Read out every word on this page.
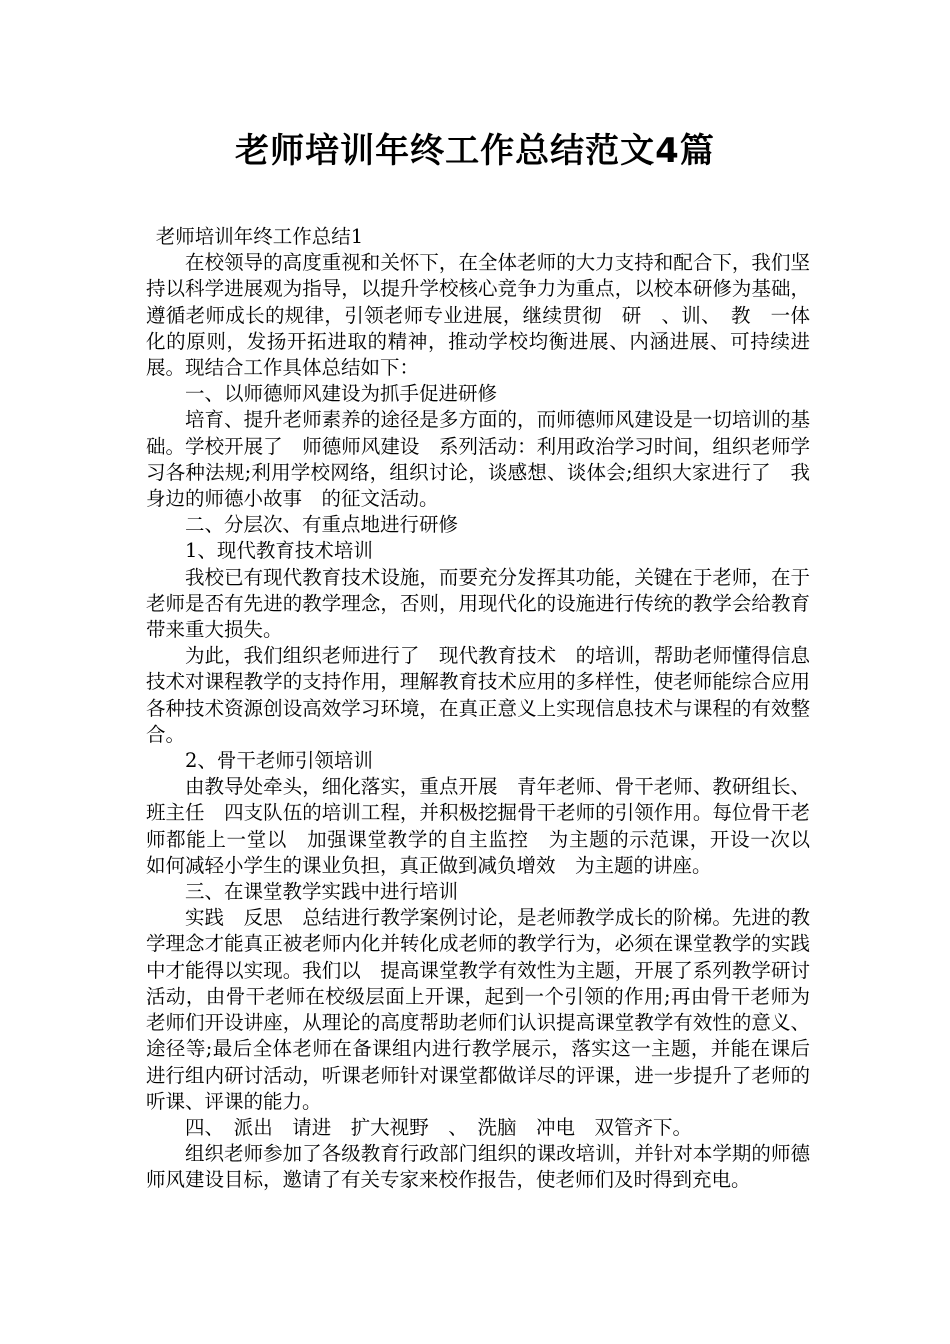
老师培训年终工作总结范文4篇

老师培训年终工作总结1

在校领导的高度重视和关怀下，在全体老师的大力支持和配合下，我们坚持以科学进展观为指导，以提升学校核心竞争力为重点，以校本研修为基础，遵循老师成长的规律，引领老师专业进展，继续贯彻　研　、训、　教　一体化的原则，发扬开拓进取的精神，推动学校均衡进展、内涵进展、可持续进展。现结合工作具体总结如下：

一、以师德师风建设为抓手促进研修

培育、提升老师素养的途径是多方面的，而师德师风建设是一切培训的基础。学校开展了　师德师风建设　系列活动：利用政治学习时间，组织老师学习各种法规;利用学校网络，组织讨论，谈感想、谈体会;组织大家进行了　我身边的师德小故事　的征文活动。

二、分层次、有重点地进行研修

1、现代教育技术培训

我校已有现代教育技术设施，而要充分发挥其功能，关键在于老师，在于老师是否有先进的教学理念，否则，用现代化的设施进行传统的教学会给教育带来重大损失。

为此，我们组织老师进行了　现代教育技术　的培训，帮助老师懂得信息技术对课程教学的支持作用，理解教育技术应用的多样性，使老师能综合应用各种技术资源创设高效学习环境，在真正意义上实现信息技术与课程的有效整合。

2、骨干老师引领培训

由教导处牵头，细化落实，重点开展　青年老师、骨干老师、教研组长、班主任　四支队伍的培训工程，并积极挖掘骨干老师的引领作用。每位骨干老师都能上一堂以　加强课堂教学的自主监控　为主题的示范课，开设一次以　如何减轻小学生的课业负担，真正做到减负增效　为主题的讲座。

三、在课堂教学实践中进行培训

实践　反思　总结进行教学案例讨论，是老师教学成长的阶梯。先进的教学理念才能真正被老师内化并转化成老师的教学行为，必须在课堂教学的实践中才能得以实现。我们以　提高课堂教学有效性为主题，开展了系列教学研讨活动，由骨干老师在校级层面上开课，起到一个引领的作用;再由骨干老师为老师们开设讲座，从理论的高度帮助老师们认识提高课堂教学有效性的意义、途径等;最后全体老师在备课组内进行教学展示，落实这一主题，并能在课后进行组内研讨活动，听课老师针对课堂都做详尽的评课，进一步提升了老师的听课、评课的能力。

四、　派出　请进　扩大视野　、　洗脑　冲电　双管齐下。

组织老师参加了各级教育行政部门组织的课改培训，并针对本学期的师德师风建设目标，邀请了有关专家来校作报告，使老师们及时得到充电。
